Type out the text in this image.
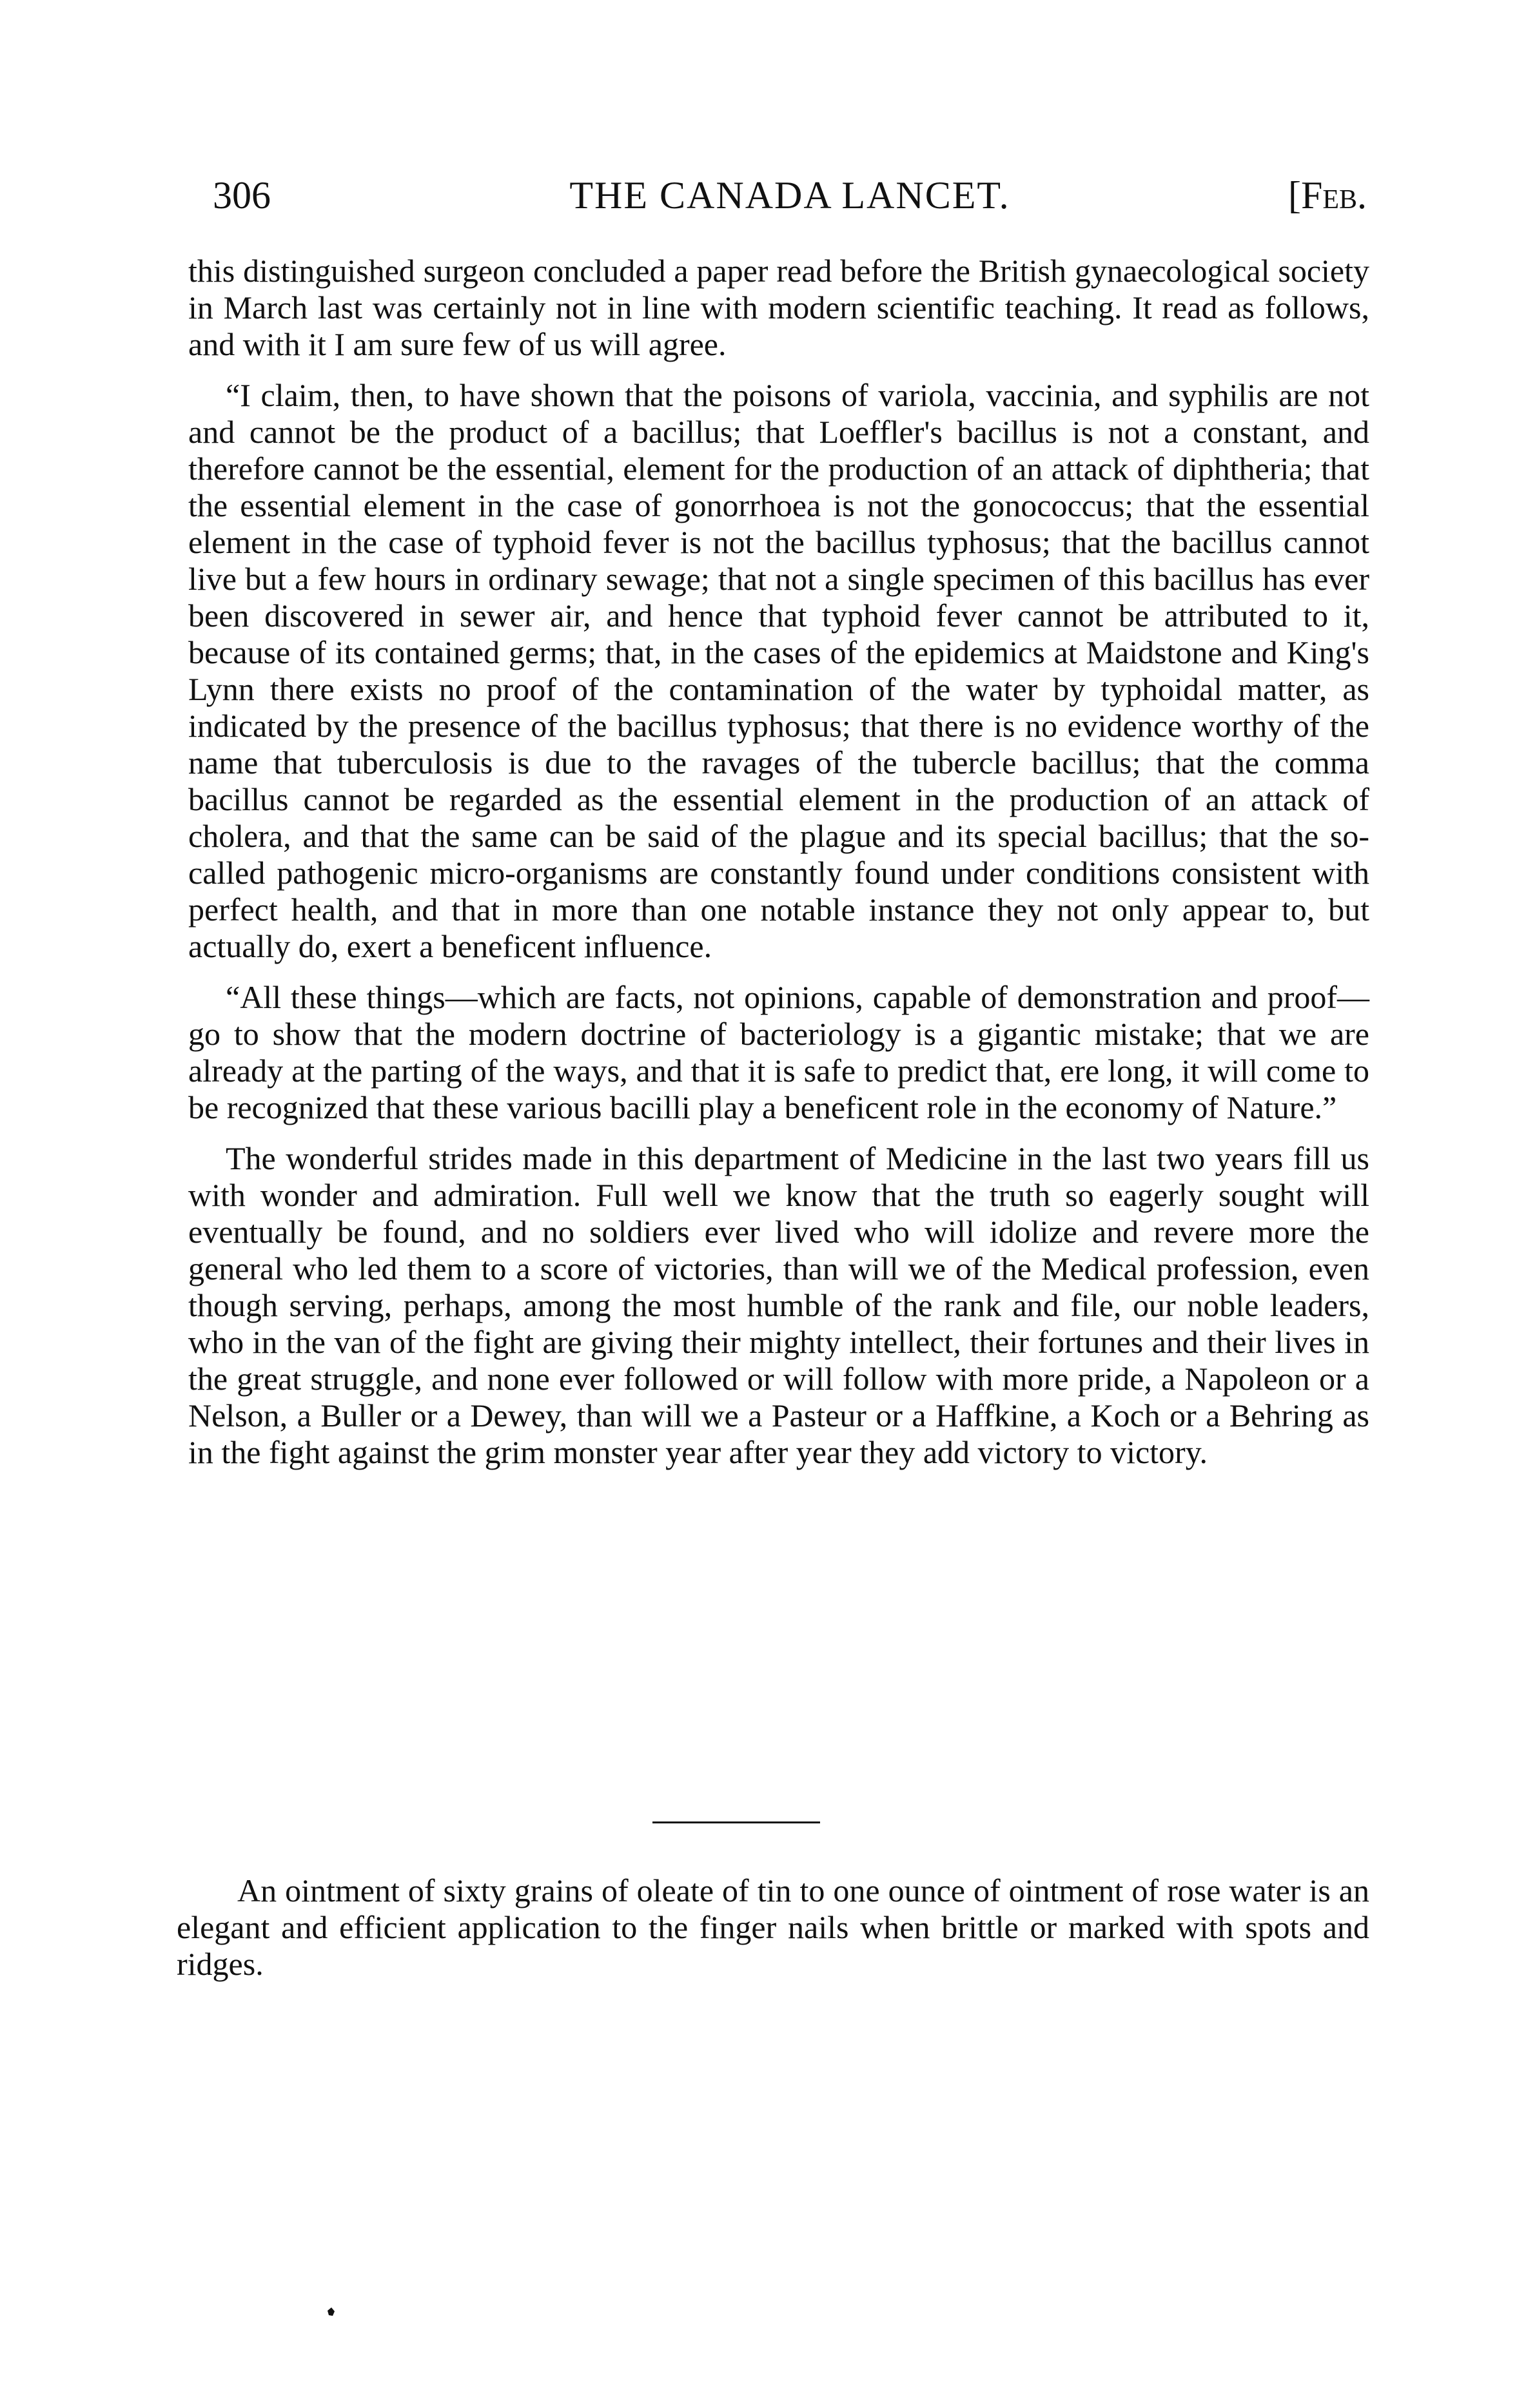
306	THE CANADA LANCET.	[Feb.

this distinguished surgeon concluded a paper read before the British gynaecological society in March last was certainly not in line with modern scientific teaching. It read as follows, and with it I am sure few of us will agree.

“I claim, then, to have shown that the poisons of variola, vaccinia, and syphilis are not and cannot be the product of a bacillus; that Loeffler's bacillus is not a constant, and therefore cannot be the essential, element for the production of an attack of diphtheria; that the essential element in the case of gonorrhoea is not the gonococcus; that the essential element in the case of typhoid fever is not the bacillus typhosus; that the bacillus cannot live but a few hours in ordinary sewage; that not a single specimen of this bacillus has ever been discovered in sewer air, and hence that typhoid fever cannot be attributed to it, because of its contained germs; that, in the cases of the epidemics at Maidstone and King's Lynn there exists no proof of the contamination of the water by typhoidal matter, as indicated by the presence of the bacillus typhosus; that there is no evidence worthy of the name that tuberculosis is due to the ravages of the tubercle bacillus; that the comma bacillus cannot be regarded as the essential element in the production of an attack of cholera, and that the same can be said of the plague and its special bacillus; that the so-called pathogenic micro-organisms are constantly found under conditions consistent with perfect health, and that in more than one notable instance they not only appear to, but actually do, exert a beneficent influence.

“All these things—which are facts, not opinions, capable of demonstration and proof—go to show that the modern doctrine of bacteriology is a gigantic mistake; that we are already at the parting of the ways, and that it is safe to predict that, ere long, it will come to be recognized that these various bacilli play a beneficent role in the economy of Nature.”

The wonderful strides made in this department of Medicine in the last two years fill us with wonder and admiration. Full well we know that the truth so eagerly sought will eventually be found, and no soldiers ever lived who will idolize and revere more the general who led them to a score of victories, than will we of the Medical profession, even though serving, perhaps, among the most humble of the rank and file, our noble leaders, who in the van of the fight are giving their mighty intellect, their fortunes and their lives in the great struggle, and none ever followed or will follow with more pride, a Napoleon or a Nelson, a Buller or a Dewey, than will we a Pasteur or a Haffkine, a Koch or a Behring as in the fight against the grim monster year after year they add victory to victory.

An ointment of sixty grains of oleate of tin to one ounce of ointment of rose water is an elegant and efficient application to the finger nails when brittle or marked with spots and ridges.
